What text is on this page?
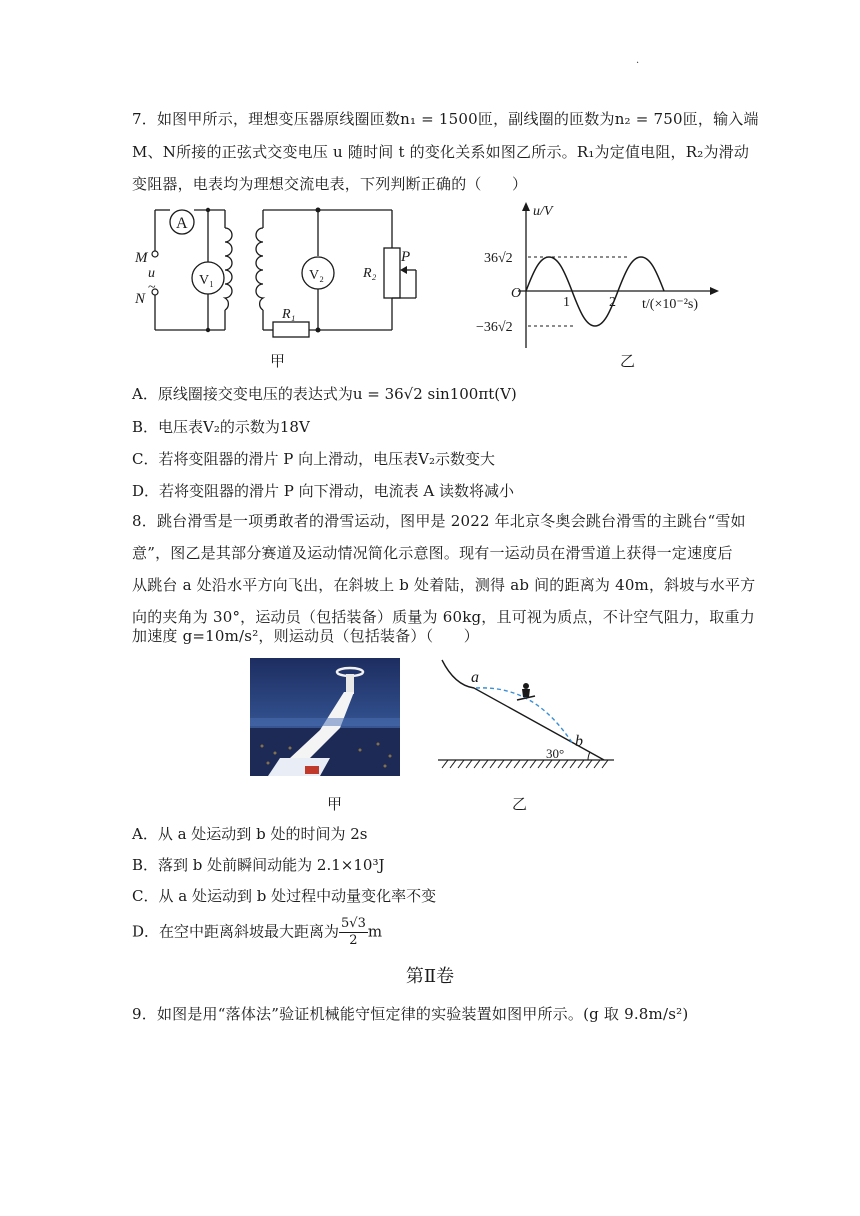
·
7．如图甲所示，理想变压器原线圈匝数n₁ = 1500匝，副线圈的匝数为n₂ = 750匝，输入端
M、N所接的正弦式交变电压 u 随时间 t 的变化关系如图乙所示。R₁为定值电阻，R₂为滑动
变阻器，电表均为理想交流电表，下列判断正确的（　　）
A
V₁	V₂
M
u
~
N
R₁
R₂
P
u/V
O
36√2
−36√2
1	2 t/(×10⁻²s)
甲	乙
A．原线圈接交变电压的表达式为u = 36√2 sin100πt(V)
B．电压表V₂的示数为18V
C．若将变阻器的滑片 P 向上滑动，电压表V₂示数变大
D．若将变阻器的滑片 P 向下滑动，电流表 A 读数将减小
8．跳台滑雪是一项勇敢者的滑雪运动，图甲是 2022 年北京冬奥会跳台滑雪的主跳台“雪如
意”，图乙是其部分赛道及运动情况简化示意图。现有一运动员在滑雪道上获得一定速度后
从跳台 a 处沿水平方向飞出，在斜坡上 b 处着陆，测得 ab 间的距离为 40m，斜坡与水平方
向的夹角为 30°，运动员（包括装备）质量为 60kg，且可视为质点，不计空气阻力，取重力
加速度 g=10m/s²，则运动员（包括装备）（　　）
a
b
30°
甲	乙
A．从 a 处运动到 b 处的时间为 2s
B．落到 b 处前瞬间动能为 2.1×10³J
C．从 a 处运动到 b 处过程中动量变化率不变
D．在空中距离斜坡最大距离为 $\frac{5√3}{2}$ m
第Ⅱ卷
9．如图是用“落体法”验证机械能守恒定律的实验装置如图甲所示。(g 取 9.8m/s²)
